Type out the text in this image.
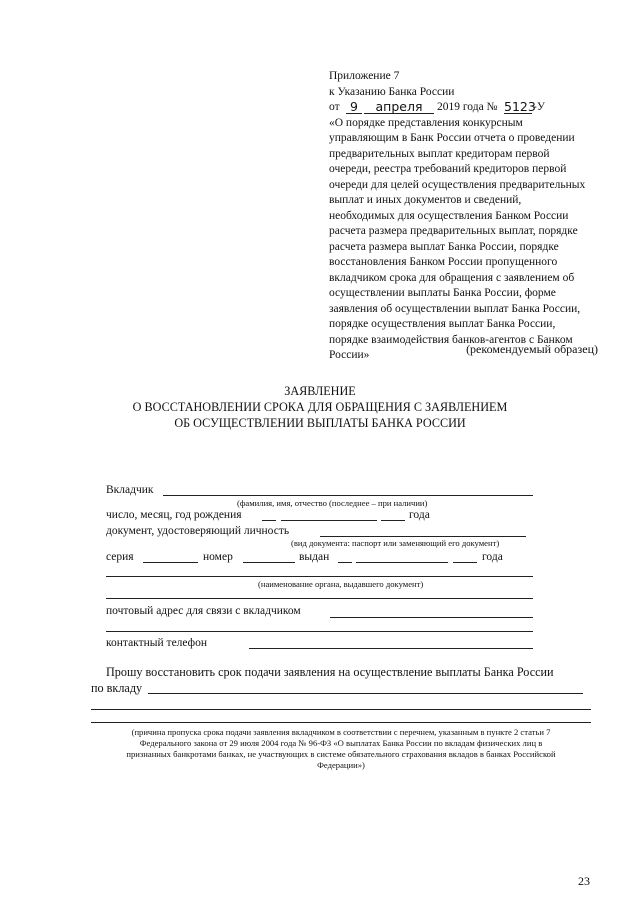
Приложение 7
к Указанию Банка России
от 9	апреля	2019 года № 5123
-У
«О порядке представления конкурсным
управляющим в Банк России отчета о проведении
предварительных выплат кредиторам первой
очереди, реестра требований кредиторов первой
очереди для целей осуществления предварительных
выплат и иных документов и сведений,
необходимых для осуществления Банком России
расчета размера предварительных выплат, порядке
расчета размера выплат Банка России, порядке
восстановления Банком России пропущенного
вкладчиком срока для обращения с заявлением об
осуществлении выплаты Банка России, форме
заявления об осуществлении выплат Банка России,
порядке осуществления выплат Банка России,
порядке взаимодействия банков-агентов с Банком
России»	(рекомендуемый образец)
ЗАЯВЛЕНИЕ
О ВОССТАНОВЛЕНИИ СРОКА ДЛЯ ОБРАЩЕНИЯ С ЗАЯВЛЕНИЕМ
ОБ ОСУЩЕСТВЛЕНИИ ВЫПЛАТЫ БАНКА РОССИИ
Вкладчик
(фамилия, имя, отчество (последнее – при наличии)
число, месяц, год рождения	года
документ, удостоверяющий личность
(вид документа: паспорт или заменяющий его документ)
серия	номер	выдан	года
(наименование органа, выдавшего документ)
почтовый адрес для связи с вкладчиком
контактный телефон
Прошу восстановить срок подачи заявления на осуществление выплаты Банка России
по вкладу
(причина пропуска срока подачи заявления вкладчиком в соответствии с перечнем, указанным в пункте 2 статьи 7
Федерального закона от 29 июля 2004 года № 96-ФЗ «О выплатах Банка России по вкладам физических лиц в
признанных банкротами банках, не участвующих в системе обязательного страхования вкладов в банках Российской
Федерации»)
23
